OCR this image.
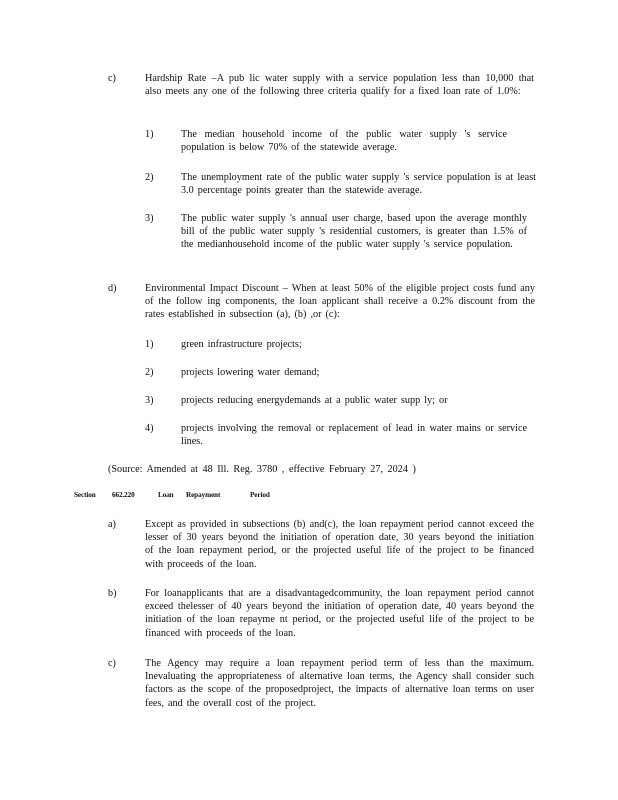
c)	Hardship Rate –A pub lic water supply with a service population less than 10,000 that also meets any one of the following three criteria qualify for a fixed loan rate of 1.0%:
1)	The median household income of the public water supply 's service population is below 70% of the statewide average.
2)	The unemployment rate of the public water supply 's service population is at least 3.0 percentage points greater than the statewide average.
3)	The public water supply 's annual user charge, based upon the average monthly bill of the public water supply 's residential customers, is greater than 1.5% of the medianhousehold income of the public water supply 's service population.
d)	Environmental Impact Discount – When at least 50% of the eligible project costs fund any of the follow ing components, the loan applicant shall receive a 0.2% discount from the rates established in subsection (a), (b) ,or (c):
1)	green infrastructure projects;
2)	projects lowering water demand;
3)	projects reducing energydemands at a public water supp ly; or
4)	projects involving the removal or replacement of lead in water mains or service lines.
(Source: Amended at 48 Ill. Reg. 3780 , effective February 27, 2024 )
Section 662.220	Loan Repayment	Period
a)	Except as provided in subsections (b) and(c), the loan repayment period cannot exceed the lesser of 30 years beyond the initiation of operation date, 30 years beyond the initiation of the loan repayment period, or the projected useful life of the project to be financed with proceeds of the loan.
b)	For loanapplicants that are a disadvantagedcommunity, the loan repayment period cannot exceed thelesser of 40 years beyond the initiation of operation date, 40 years beyond the initiation of the loan repayme nt period, or the projected useful life of the project to be financed with proceeds of the loan.
c)	The Agency may require a loan repayment period term of less than the maximum. Inevaluating the appropriateness of alternative loan terms, the Agency shall consider such factors as the scope of the proposedproject, the impacts of alternative loan terms on user fees, and the overall cost of the project.
